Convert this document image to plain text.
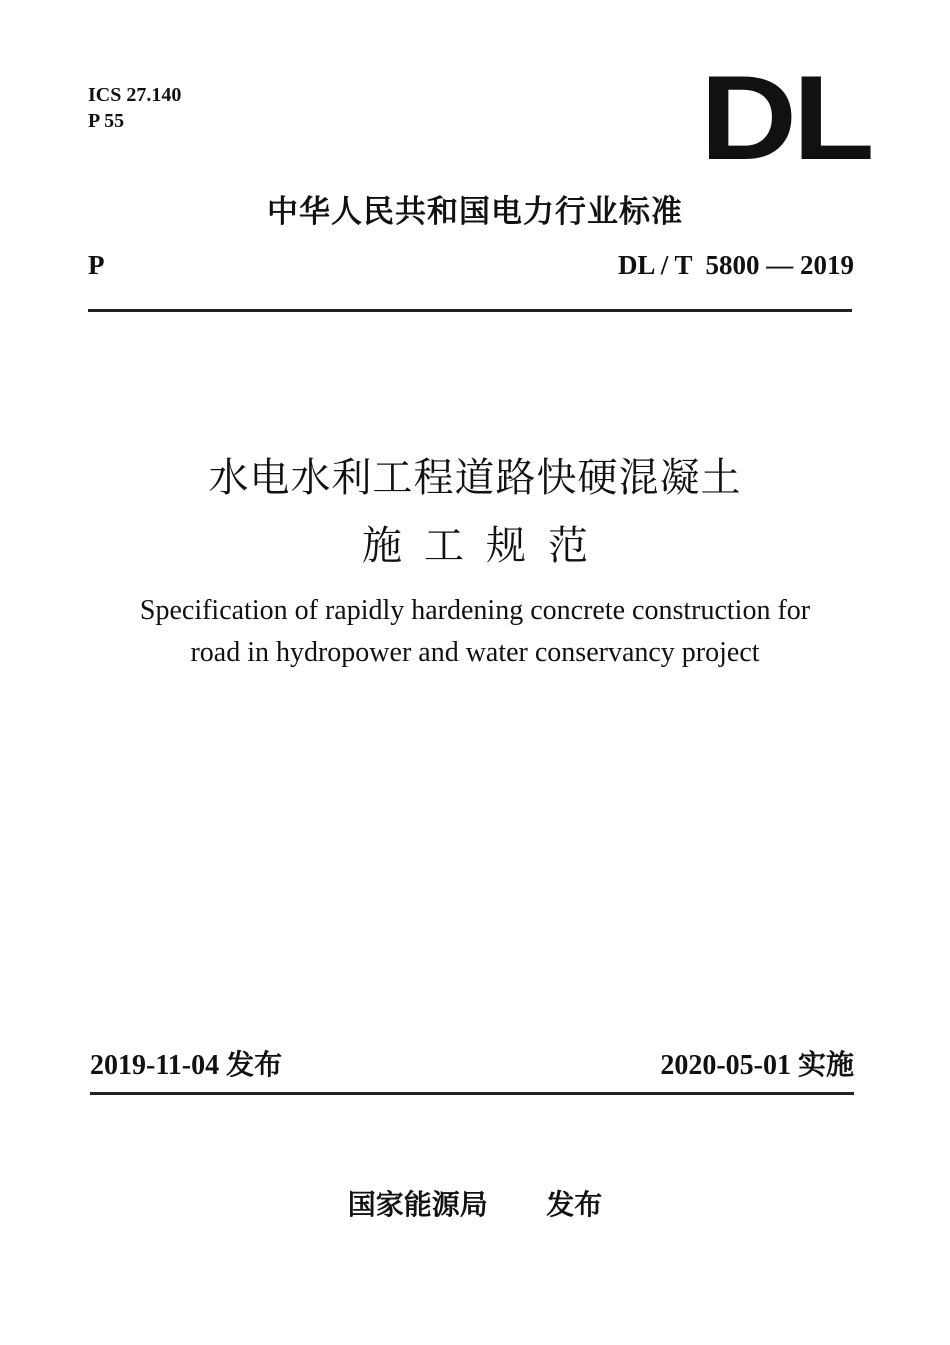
ICS 27.140
P 55	DL
中华人民共和国电力行业标准
P	DL / T  5800 — 2019
水电水利工程道路快硬混凝土
施工规范
Specification of rapidly hardening concrete construction for
road in hydropower and water conservancy project
2019-11-04 发布	2020-05-01 实施
国家能源局 发布
